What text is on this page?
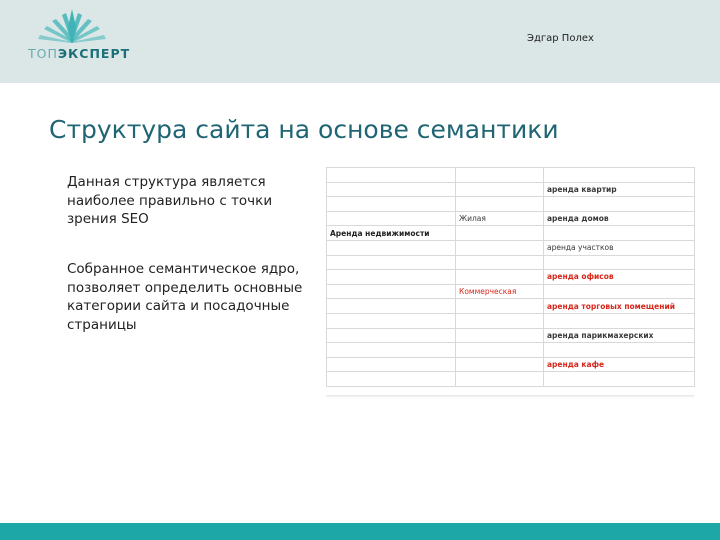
ТОПЭКСПЕРТ
Эдгар Полех
Структура сайта на основе семантики
Данная структура является наиболее правильно с точки зрения SEO
Собранное семантическое ядро, позволяет определить основные категории сайта и посадочные страницы

		аренда квартир

	Жилая	аренда домов
Аренда недвижимости		
		аренда участков

		аренда офисов
	Коммерческая	
		аренда торговых помещений

		аренда парикмахерских

		аренда кафе
